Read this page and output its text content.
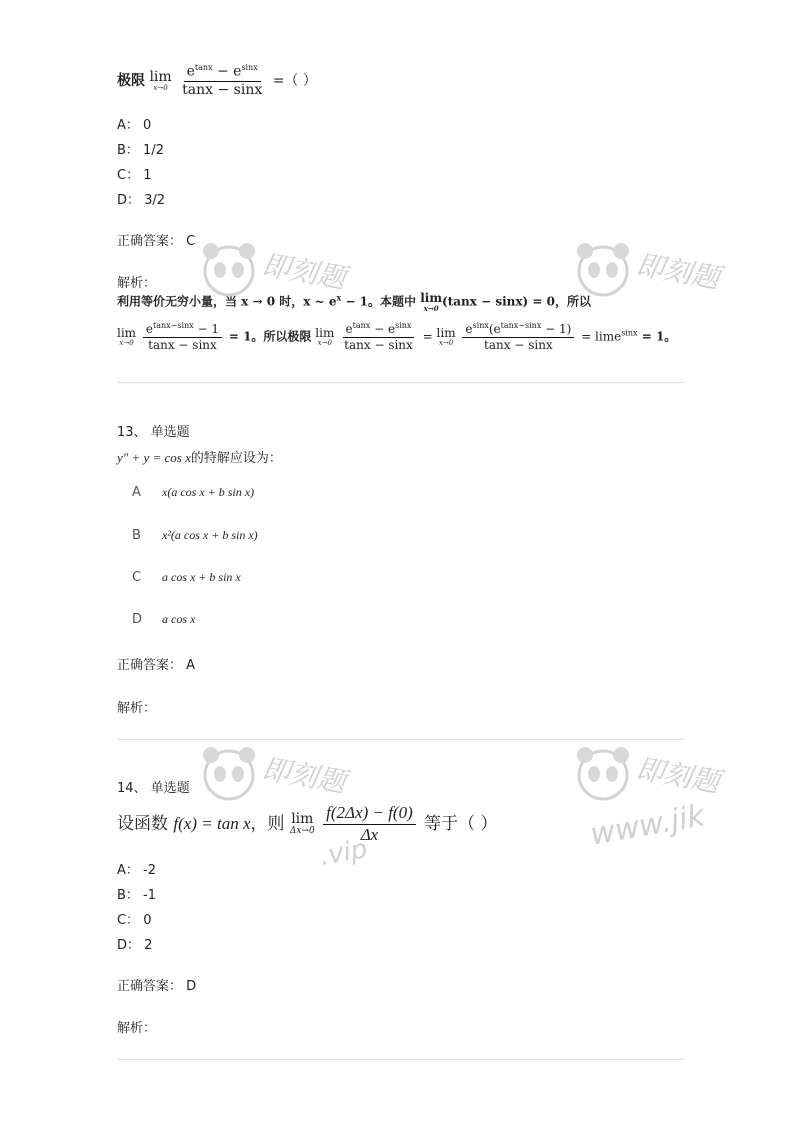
极限 lim
x→0
$\frac{e^{tanx} - e^{sinx}}{\tan x - \sin x}$ =（ ）
A： 0
B： 1/2
C： 1
D： 3/2
正确答案： C
解析：
利用等价无穷小量，当 x → 0 时，x ~ $e^x - 1$。本题中 lim
x→0 (tanx − sinx) = 0，所以
lim
x→0
$\frac{e^{tanx-sinx} - 1}{\tan x - \sin x} = 1$。所以极限 lim
x→0
$\frac{e^{tanx} - e^{sinx}}{\tan x - \sin x} = \lim$
x→0
$\frac{e^{sinx}(e^{tanx-sinx} - 1)}{\tan x - \sin x} = \lim e^{sinx} = 1$。
13、 单选题
y″ + y = cos x的特解应设为：
A x(a cos x + b sin x)
B x²(a cos x + b sin x)
C a cos x + b sin x
D a cos x
正确答案： A
解析：
14、 单选题
设函数 f(x) = tan x，则 lim
Δx→0
$\frac{f(2\Delta x) - f(0)}{\Delta x}$ 等于（ ）
A： -2
B： -1
C： 0
D： 2
正确答案： D
解析：
即刻题	即刻题
即刻题
.vip
即刻题
www.jik
